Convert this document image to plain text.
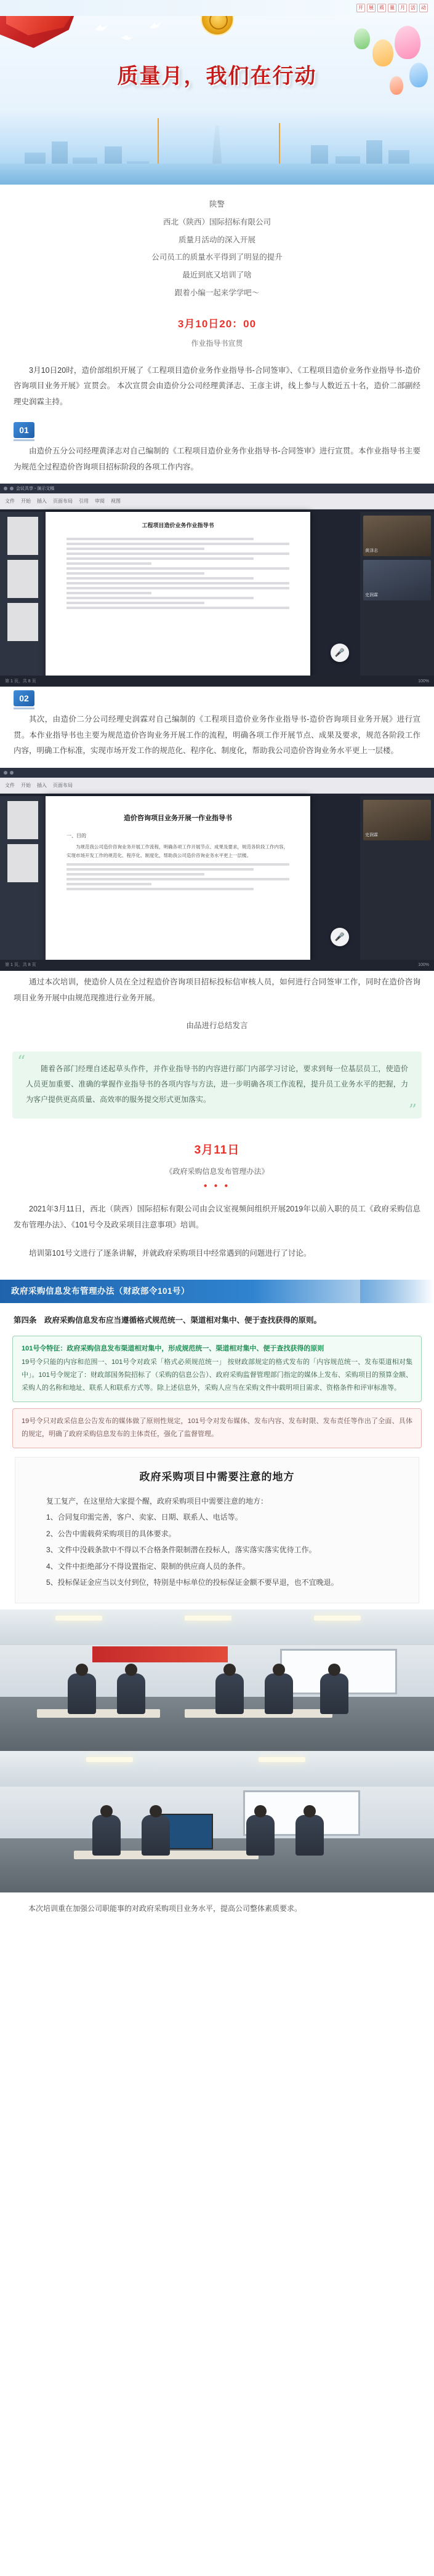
开	展	质	量	月	活	动
质量月，我们在行动
陕警
西北（陕西）国际招标有限公司
质量月活动的深入开展
公司员工的质量水平得到了明显的提升
最近到底又培训了啥
跟着小编一起来学学吧～
3月10日20：00
作业指导书宣贯
3月10日20时，造价部组织开展了《工程项目造价业务作业指导书-合同签审》、《工程项目造价业务作业指导书-造价咨询项目业务开展》宣贯会。 本次宣贯会由造价分公司经理黄泽志、王彦主讲，线上参与人数近五十名，造价二部副经理史润霖主持。
01
由造价五分公司经理黄泽志对自己编制的《工程项目造价业务作业指导书-合同签审》进行宣贯。本作业指导书主要为规范全过程造价咨询项目招标阶段的各项工作内容。
会议共享 - 演示文稿
文件 开始 插入 页面布局 引用 审阅 视图
工程项目造价业务作业指导书
黄泽志
史润霖
🎤
第 1 页，共 8 页	100%
02
其次，由造价二分公司经理史润霖对自己编制的《工程项目造价业务作业指导书-造价咨询项目业务开展》进行宣贯。本作业指导书也主要为规范造价咨询业务开展工作的流程，明确各项工作开展节点、成果及要求，规范各阶段工作内容，明确工作标准，实现市场开发工作的规范化、程序化、制度化，帮助我公司造价咨询业务水平更上一层楼。
文件 开始 插入 页面布局
造价咨询项目业务开展一作业指导书
一、目的
为规范我公司造价咨询业务开展工作流程，明确各项工作开展节点、成果及要求，规范各阶段工作内容，实现市场开发工作的规范化、程序化、制度化，帮助我公司造价咨询业务水平更上一层楼。
史润霖
🎤
第 1 页，共 8 页	100%
通过本次培训，使造价人员在全过程造价咨询项目招标投标信审核人员，如何进行合同签审工作，同时在造价咨询项目业务开展中由规范现推进行业务开展。
由品进行总结发言
“	随着各部门经理自述起草头作件，并作业指导书的内容进行部门内部学习讨论，要求到每一位基层员工，使造价人员更加重要、准确的掌握作业指导书的各项内容与方法，进一步明确各项工作流程，提升员工业务水平的把握，力为客户提供更高质量、高效率的服务提交形式更加落实。

”
3月11日
《政府采购信息发布管理办法》
● ● ●
2021年3月11日，西北（陕西）国际招标有限公司由会议室视频间组织开展2019年以前入职的员工《政府采购信息发布管理办法》、《101号令及政采项目注意事项》培训。
培训第101号文进行了逐条讲解，并就政府采购项目中经常遇到的问题进行了讨论。
政府采购信息发布管理办法（财政部令101号）
第四条　政府采购信息发布应当遵循格式规范统一、渠道相对集中、便于查找获得的原则。
101号令特征：政府采购信息发布渠道相对集中，形成规范统一、渠道相对集中、便于查找获得的原则
19号令只能的内容和范围一、101号令对政采「格式必须规范统一」 按财政部规定的格式发布的「内容规范统一、发布渠道相对集中」。101号令规定了：财政部国务院招标了（采购的信息公告）、政府采购监督管理部门指定的媒体上发布、采购项目的预算金额、采购人的名称和地址、联系人和联系方式等。除上述信息外，采购人应当在采购文件中载明项目需求、资格条件和评审标准等。
19号令只对政采信息公告发布的媒体做了原则性规定，101号令对发布媒体、发布内容、发布时限、发布责任等作出了全面、具体的规定，明确了政府采购信息发布的主体责任，强化了监督管理。
政府采购项目中需要注意的地方

复工复产，在这里给大家提个醒，政府采购项目中需要注意的地方：

1、合同复印需完善，客户、卖家、日期、联系人、电话等。

2、公告中需载荷采购项目的具体要求。

3、文件中没载条款中不得以不合格条件限制潜在投标人，落实落实落实优待工作。

4、文件中拒绝部分不得设置指定、限制的供应商人员的条件。

5、投标保证金应当以支付到位，特别是中标单位的投标保证金额不要早退，也不宜晚退。

本次培训重在加强公司职能事的对政府采购项目业务水平，提高公司整体素质要求。
